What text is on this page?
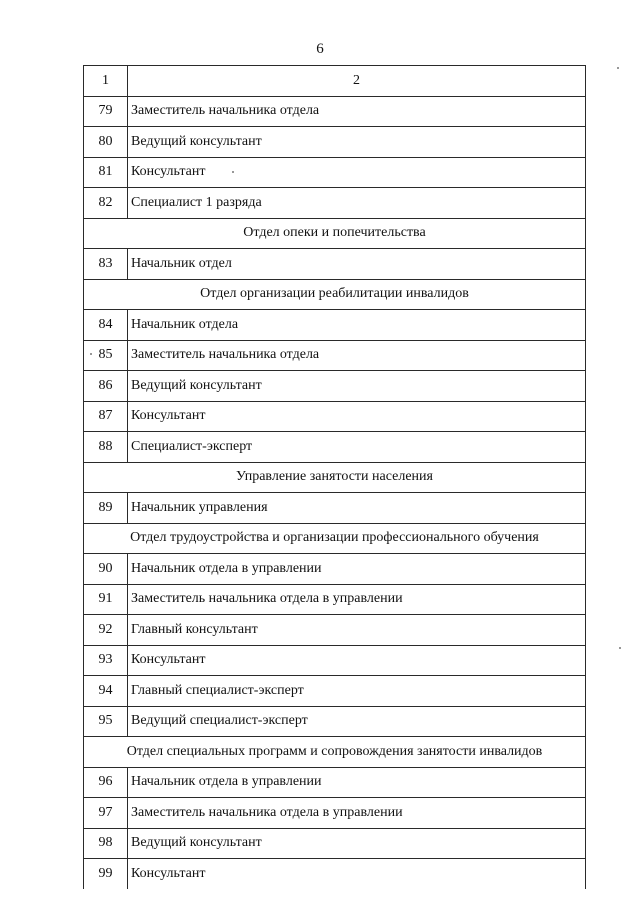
6
1	2
79	Заместитель начальника отдела
80	Ведущий консультант
81	Консультант
82	Специалист 1 разряда
Отдел опеки и попечительства	
83	Начальник отдел
Отдел организации реабилитации инвалидов	
84	Начальник отдела
85	Заместитель начальника отдела
86	Ведущий консультант
87	Консультант
88	Специалист-эксперт
Управление занятости населения	
89	Начальник управления
Отдел трудоустройства и организации профессионального обучения	
90	Начальник отдела в управлении
91	Заместитель начальника отдела в управлении
92	Главный консультант
93	Консультант
94	Главный специалист-эксперт
95	Ведущий специалист-эксперт
Отдел специальных программ и сопровождения занятости инвалидов	
96	Начальник отдела в управлении
97	Заместитель начальника отдела в управлении
98	Ведущий консультант
99	Консультант
